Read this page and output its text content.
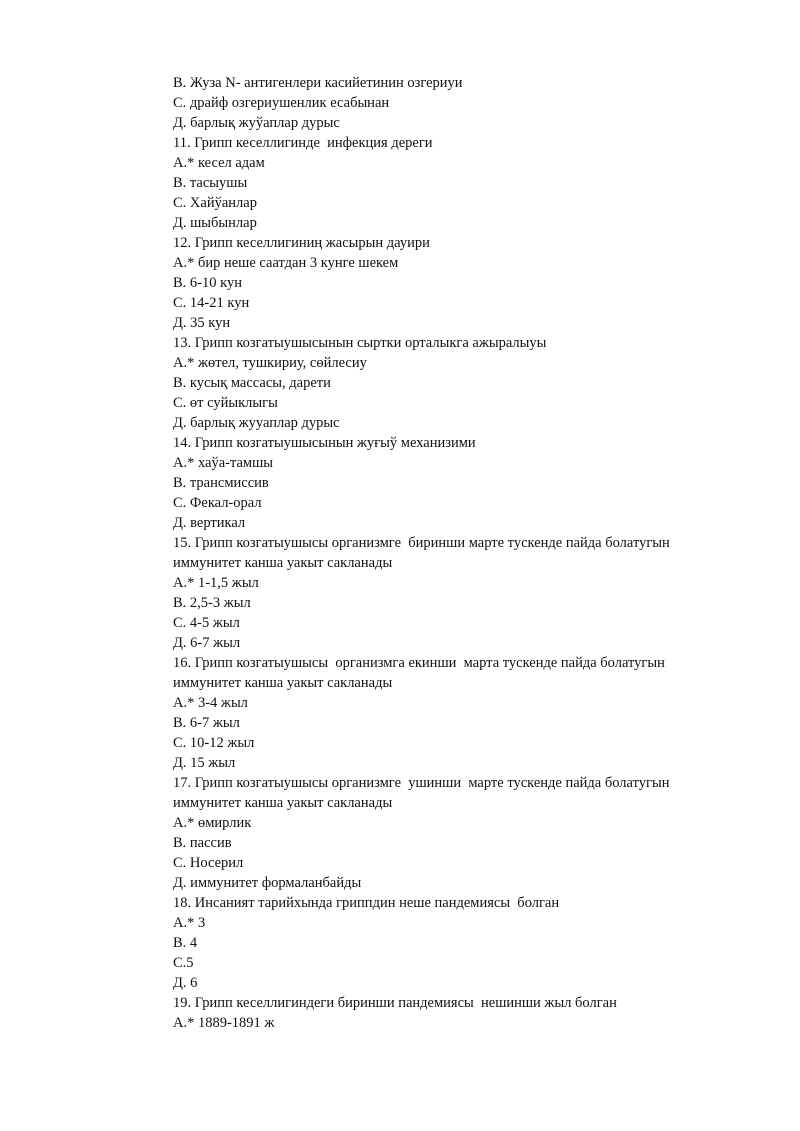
В. Жуза N- антигенлери касийетинин озгериуи
С. драйф озгериушенлик есабынан
Д. барлық жуўаплар дурыс
11. Грипп кеселлигинде  инфекция дереги
А.* кесел адам
В. тасыушы
С. Хайўанлар
Д. шыбынлар
12. Грипп кеселлигиниң жасырын дауири
А.* бир неше саатдан 3 кунге шекем
В. 6-10 кун
С. 14-21 кун
Д. 35 кун
13. Грипп козгатыушысынын сыртки орталыкга ажыралыуы
А.* жөтел, тушкириу, сөйлесиу
В. кусық массасы, дарети
С. өт суйыклыгы
Д. барлық жууаплар дурыс
14. Грипп козгатыушысынын жуғыў механизими
А.* хаўа-тамшы
В. трансмиссив
С. Фекал-орал
Д. вертикал
15. Грипп козгатыушысы организмге  биринши марте тускенде пайда болатугын
иммунитет канша уакыт сакланады
А.* 1-1,5 жыл
В. 2,5-3 жыл
С. 4-5 жыл
Д. 6-7 жыл
16. Грипп козгатыушысы  организмга екинши  марта тускенде пайда болатугын
иммунитет канша уакыт сакланады
А.* 3-4 жыл
В. 6-7 жыл
С. 10-12 жыл
Д. 15 жыл
17. Грипп козгатыушысы организмге  ушинши  марте тускенде пайда болатугын
иммунитет канша уакыт сакланады
А.* өмирлик
В. пассив
С. Носерил
Д. иммунитет формаланбайды
18. Инсаният тарийхында гриппдин неше пандемиясы  болган
А.* 3
В. 4
С.5
Д. 6
19. Грипп кеселлигиндеги биринши пандемиясы  нешинши жыл болган
А.* 1889-1891 ж
